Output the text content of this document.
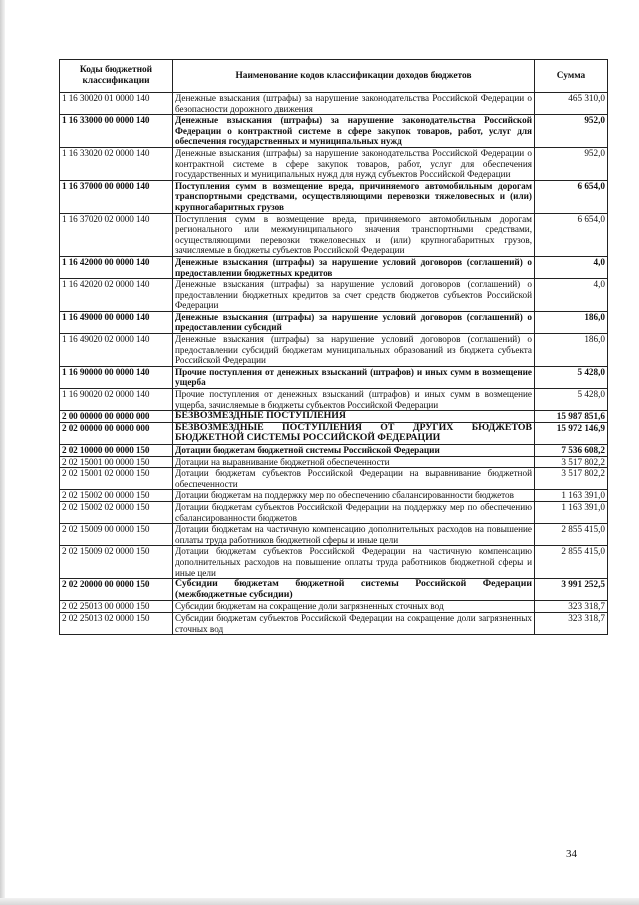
Коды бюджетной классификации	Наименование кодов классификации доходов бюджетов	Сумма
1 16 30020 01 0000 140	Денежные взыскания (штрафы) за нарушение законодательства Российской Федерации о безопасности дорожного движения	465 310,0
1 16 33000 00 0000 140	Денежные взыскания (штрафы) за нарушение законодательства Российской Федерации о контрактной системе в сфере закупок товаров, работ, услуг для обеспечения государственных и муниципальных нужд	952,0
1 16 33020 02 0000 140	Денежные взыскания (штрафы) за нарушение законодательства Российской Федерации о контрактной системе в сфере закупок товаров, работ, услуг для обеспечения государственных и муниципальных нужд для нужд субъектов Российской Федерации	952,0
1 16 37000 00 0000 140	Поступления сумм в возмещение вреда, причиняемого автомобильным дорогам транспортными средствами, осуществляющими перевозки тяжеловесных и (или) крупногабаритных грузов	6 654,0
1 16 37020 02 0000 140	Поступления сумм в возмещение вреда, причиняемого автомобильным дорогам регионального или межмуниципального значения транспортными средствами, осуществляющими перевозки тяжеловесных и (или) крупногабаритных грузов, зачисляемые в бюджеты субъектов Российской Федерации	6 654,0
1 16 42000 00 0000 140	Денежные взыскания (штрафы) за нарушение условий договоров (соглашений) о предоставлении бюджетных кредитов	4,0
1 16 42020 02 0000 140	Денежные взыскания (штрафы) за нарушение условий договоров (соглашений) о предоставлении бюджетных кредитов за счет средств бюджетов субъектов Российской Федерации	4,0
1 16 49000 00 0000 140	Денежные взыскания (штрафы) за нарушение условий договоров (соглашений) о предоставлении субсидий	186,0
1 16 49020 02 0000 140	Денежные взыскания (штрафы) за нарушение условий договоров (соглашений) о предоставлении субсидий бюджетам муниципальных образований из бюджета субъекта Российской Федерации	186,0
1 16 90000 00 0000 140	Прочие поступления от денежных взысканий (штрафов) и иных сумм в возмещение ущерба	5 428,0
1 16 90020 02 0000 140	Прочие поступления от денежных взысканий (штрафов) и иных сумм в возмещение ущерба, зачисляемые в бюджеты субъектов Российской Федерации	5 428,0
2 00 00000 00 0000 000	БЕЗВОЗМЕЗДНЫЕ ПОСТУПЛЕНИЯ	15 987 851,6
2 02 00000 00 0000 000	БЕЗВОЗМЕЗДНЫЕ ПОСТУПЛЕНИЯ ОТ ДРУГИХ БЮДЖЕТОВ БЮДЖЕТНОЙ СИСТЕМЫ РОССИЙСКОЙ ФЕДЕРАЦИИ	15 972 146,9
2 02 10000 00 0000 150	Дотации бюджетам бюджетной системы Российской Федерации	7 536 608,2
2 02 15001 00 0000 150	Дотации на выравнивание бюджетной обеспеченности	3 517 802,2
2 02 15001 02 0000 150	Дотации бюджетам субъектов Российской Федерации на выравнивание бюджетной обеспеченности	3 517 802,2
2 02 15002 00 0000 150	Дотации бюджетам на поддержку мер по обеспечению сбалансированности бюджетов	1 163 391,0
2 02 15002 02 0000 150	Дотации бюджетам субъектов Российской Федерации на поддержку мер по обеспечению сбалансированности бюджетов	1 163 391,0
2 02 15009 00 0000 150	Дотации бюджетам на частичную компенсацию дополнительных расходов на повышение оплаты труда работников бюджетной сферы и иные цели	2 855 415,0
2 02 15009 02 0000 150	Дотации бюджетам субъектов Российской Федерации на частичную компенсацию дополнительных расходов на повышение оплаты труда работников бюджетной сферы и иные цели	2 855 415,0
2 02 20000 00 0000 150	Субсидии бюджетам бюджетной системы Российской Федерации (межбюджетные субсидии)	3 991 252,5
2 02 25013 00 0000 150	Субсидии бюджетам на сокращение доли загрязненных сточных вод	323 318,7
2 02 25013 02 0000 150	Субсидии бюджетам субъектов Российской Федерации на сокращение доли загрязненных сточных вод	323 318,7
34
